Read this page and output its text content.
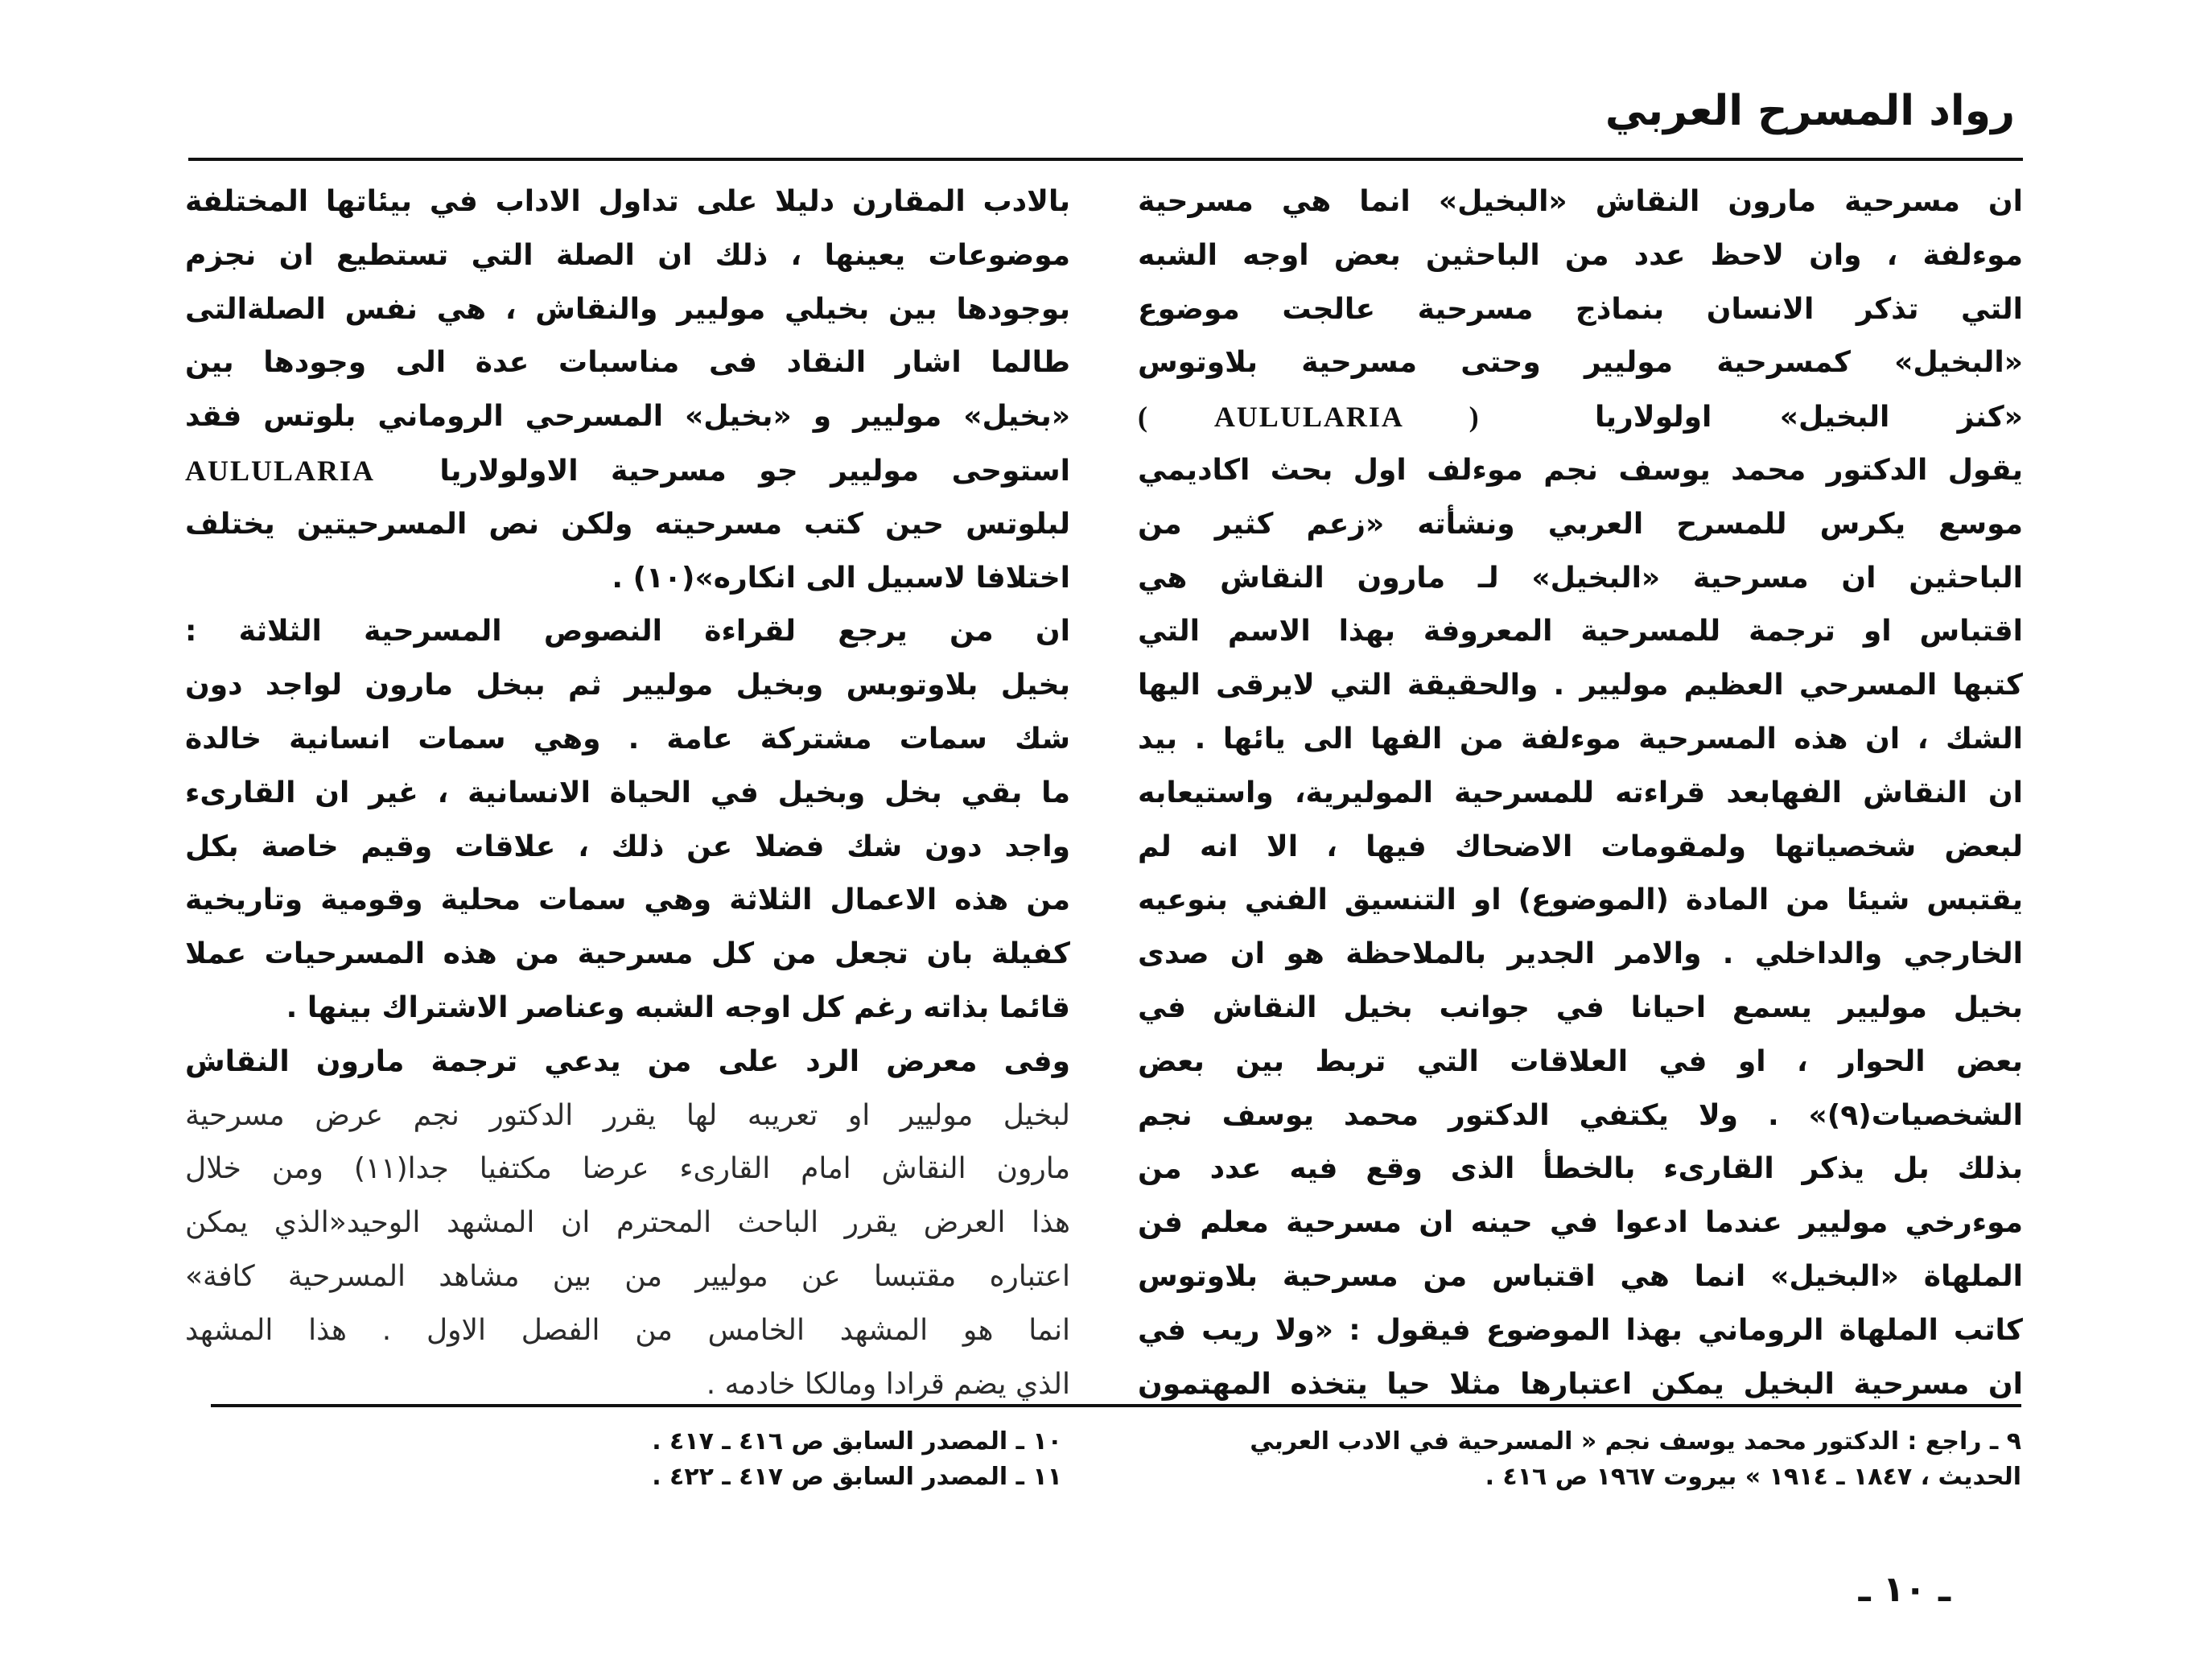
رواد المسرح العربي
ان مسرحية مارون النقاش «البخيل» انما هي مسرحية
موءلفة ، وان لاحظ عدد من الباحثين بعض اوجه الشبه
التي تذكر الانسان بنماذج مسرحية عالجت موضوع
«البخيل» كمسرحية موليير وحتى مسرحية بلاوتوس
«كنز البخيل» اولولاريا ( AULULARIA )
يقول الدكتور محمد يوسف نجم موءلف اول بحث اكاديمي
موسع يكرس للمسرح العربي ونشأته «زعم كثير من
الباحثين ان مسرحية «البخيل» لـ مارون النقاش هي
اقتباس او ترجمة للمسرحية المعروفة بهذا الاسم التي
كتبها المسرحي العظيم موليير . والحقيقة التي لايرقى اليها
الشك ، ان هذه المسرحية موءلفة من الفها الى يائها . بيد
ان النقاش الفهابعد قراءته للمسرحية الموليرية، واستيعابه
لبعض شخصياتها ولمقومات الاضحاك فيها ، الا انه لم
يقتبس شيئا من المادة (الموضوع) او التنسيق الفني بنوعيه
الخارجي والداخلي . والامر الجدير بالملاحظة هو ان صدى
بخيل موليير يسمع احيانا في جوانب بخيل النقاش في
بعض الحوار ، او في العلاقات التي تربط بين بعض
الشخصيات(٩)» . ولا يكتفي الدكتور محمد يوسف نجم
بذلك بل يذكر القارىء بالخطأ الذى وقع فيه عدد من
موءرخي موليير عندما ادعوا في حينه ان مسرحية معلم فن
الملهاة «البخيل» انما هي اقتباس من مسرحية بلاوتوس
كاتب الملهاة الروماني بهذا الموضوع فيقول : «ولا ريب في
ان مسرحية البخيل يمكن اعتبارها مثلا حيا يتخذه المهتمون
بالادب المقارن دليلا على تداول الاداب في بيئاتها المختلفة
موضوعات يعينها ، ذلك ان الصلة التي تستطيع ان نجزم
بوجودها بين بخيلي موليير والنقاش ، هي نفس الصلةالتى
طالما اشار النقاد فى مناسبات عدة الى وجودها بين
«بخيل» موليير و «بخيل» المسرحي الروماني بلوتس فقد
استوحى موليير جو مسرحية الاولولاريا AULULARIA
لبلوتس حين كتب مسرحيته ولكن نص المسرحيتين يختلف
اختلافا لاسبيل الى انكاره»(١٠) .
ان من يرجع لقراءة النصوص المسرحية الثلاثة :
بخيل بلاوتوبس وبخيل موليير ثم ببخل مارون لواجد دون
شك سمات مشتركة عامة . وهي سمات انسانية خالدة
ما بقي بخل وبخيل في الحياة الانسانية ، غير ان القارىء
واجد دون شك فضلا عن ذلك ، علاقات وقيم خاصة بكل
من هذه الاعمال الثلاثة وهي سمات محلية وقومية وتاريخية
كفيلة بان تجعل من كل مسرحية من هذه المسرحيات عملا
قائما بذاته رغم كل اوجه الشبه وعناصر الاشتراك بينها .
وفى معرض الرد على من يدعي ترجمة مارون النقاش
لبخيل موليير او تعريبه لها يقرر الدكتور نجم عرض مسرحية
مارون النقاش امام القارىء عرضا مكتفيا جدا(١١) ومن خلال
هذا العرض يقرر الباحث المحترم ان المشهد الوحيد«الذي يمكن
اعتباره مقتبسا عن موليير من بين مشاهد المسرحية كافة»
انما هو المشهد الخامس من الفصل الاول . هذا المشهد
الذي يضم قرادا ومالكا خادمه .
٩ ـ راجع : الدكتور محمد يوسف نجم « المسرحية في الادب العربي
الحديث ، ١٨٤٧ ـ ١٩١٤ » بيروت ١٩٦٧ ص ٤١٦ .
١٠ ـ المصدر السابق ص ٤١٦ ـ ٤١٧ .
١١ ـ المصدر السابق ص ٤١٧ ـ ٤٢٢ .
ـ ١٠ ـ
